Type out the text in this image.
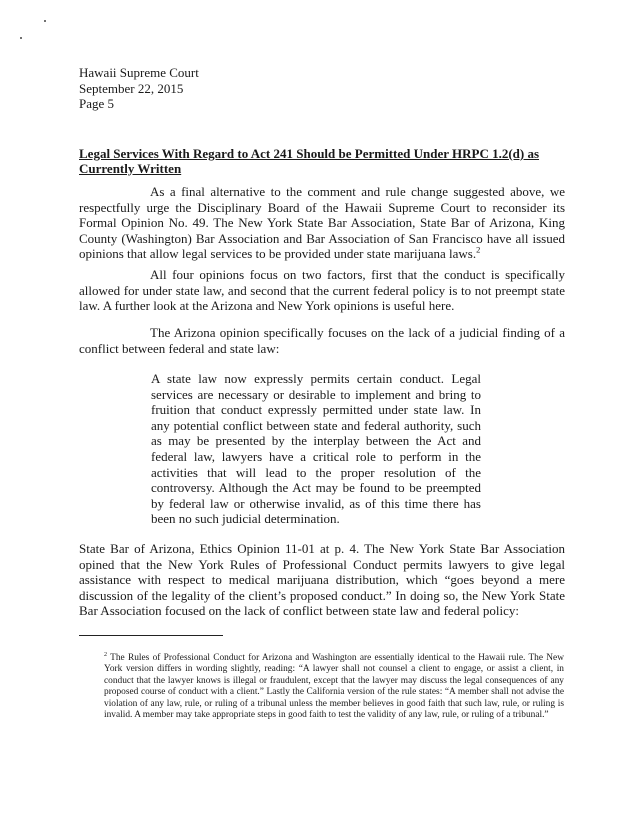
Hawaii Supreme Court
September 22, 2015
Page 5
Legal Services With Regard to Act 241 Should be Permitted Under HRPC 1.2(d) as
Currently Written

As a final alternative to the comment and rule change suggested above, we respectfully urge the Disciplinary Board of the Hawaii Supreme Court to reconsider its Formal Opinion No. 49. The New York State Bar Association, State Bar of Arizona, King County (Washington) Bar Association and Bar Association of San Francisco have all issued opinions that allow legal services to be provided under state marijuana laws.$^2$

All four opinions focus on two factors, first that the conduct is specifically allowed for under state law, and second that the current federal policy is to not preempt state law. A further look at the Arizona and New York opinions is useful here.

The Arizona opinion specifically focuses on the lack of a judicial finding of a conflict between federal and state law:

A state law now expressly permits certain conduct. Legal services are necessary or desirable to implement and bring to fruition that conduct expressly permitted under state law. In any potential conflict between state and federal authority, such as may be presented by the interplay between the Act and federal law, lawyers have a critical role to perform in the activities that will lead to the proper resolution of the controversy. Although the Act may be found to be preempted by federal law or otherwise invalid, as of this time there has been no such judicial determination.

State Bar of Arizona, Ethics Opinion 11-01 at p. 4. The New York State Bar Association opined that the New York Rules of Professional Conduct permits lawyers to give legal assistance with respect to medical marijuana distribution, which “goes beyond a mere discussion of the legality of the client’s proposed conduct.” In doing so, the New York State Bar Association focused on the lack of conflict between state law and federal policy:

$^2$ The Rules of Professional Conduct for Arizona and Washington are essentially identical to the Hawaii rule. The New York version differs in wording slightly, reading: “A lawyer shall not counsel a client to engage, or assist a client, in conduct that the lawyer knows is illegal or fraudulent, except that the lawyer may discuss the legal consequences of any proposed course of conduct with a client.” Lastly the California version of the rule states: “A member shall not advise the violation of any law, rule, or ruling of a tribunal unless the member believes in good faith that such law, rule, or ruling is invalid. A member may take appropriate steps in good faith to test the validity of any law, rule, or ruling of a tribunal.”
